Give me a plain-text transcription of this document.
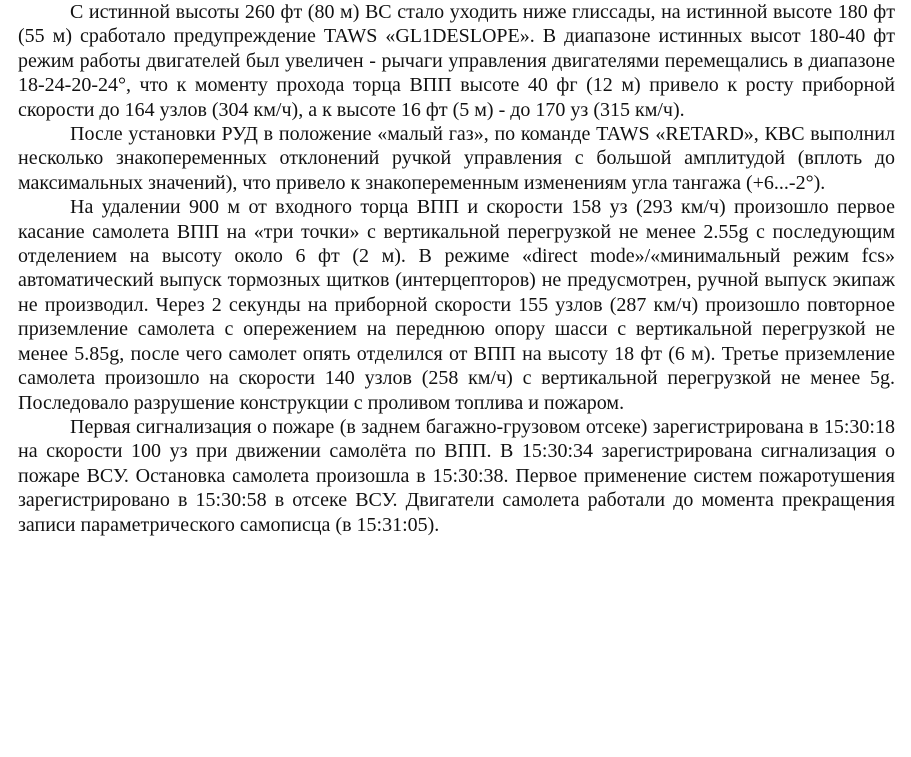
С истинной высоты 260 фт (80 м) ВС стало уходить ниже глиссады, на истинной высоте 180 фт (55 м) сработало предупреждение TAWS «GL1DESLOPE». В диапазоне истинных высот 180-40 фт режим работы двигателей был увеличен - рычаги управления двигателями перемещались в диапазоне 18-24-20-24°, что к моменту прохода торца ВПП высоте 40 фг (12 м) привело к росту приборной скорости до 164 узлов (304 км/ч), а к высоте 16 фт (5 м) - до 170 уз (315 км/ч).

После установки РУД в положение «малый газ», по команде TAWS «RETARD», КВС выполнил несколько знакопеременных отклонений ручкой управления с большой амплитудой (вплоть до максимальных значений), что привело к знакопеременным изменениям угла тангажа (+6...-2°).

На удалении 900 м от входного торца ВПП и скорости 158 уз (293 км/ч) произошло первое касание самолета ВПП на «три точки» с вертикальной перегрузкой не менее 2.55g с последующим отделением на высоту около 6 фт (2 м). В режиме «direct mode»/«минимальный режим fcs» автоматический выпуск тормозных щитков (интерцепторов) не предусмотрен, ручной выпуск экипаж не производил. Через 2 секунды на приборной скорости 155 узлов (287 км/ч) произошло повторное приземление самолета с опережением на переднюю опору шасси с вертикальной перегрузкой не менее 5.85g, после чего самолет опять отделился от ВПП на высоту 18 фт (6 м). Третье приземление самолета произошло на скорости 140 узлов (258 км/ч) с вертикальной перегрузкой не менее 5g. Последовало разрушение конструкции с проливом топлива и пожаром.

Первая сигнализация о пожаре (в заднем багажно-грузовом отсеке) зарегистрирована в 15:30:18 на скорости 100 уз при движении самолёта по ВПП. В 15:30:34 зарегистрирована сигнализация о пожаре ВСУ. Остановка самолета произошла в 15:30:38. Первое применение систем пожаротушения зарегистрировано в 15:30:58 в отсеке ВСУ. Двигатели самолета работали до момента прекращения записи параметрического самописца (в 15:31:05).
